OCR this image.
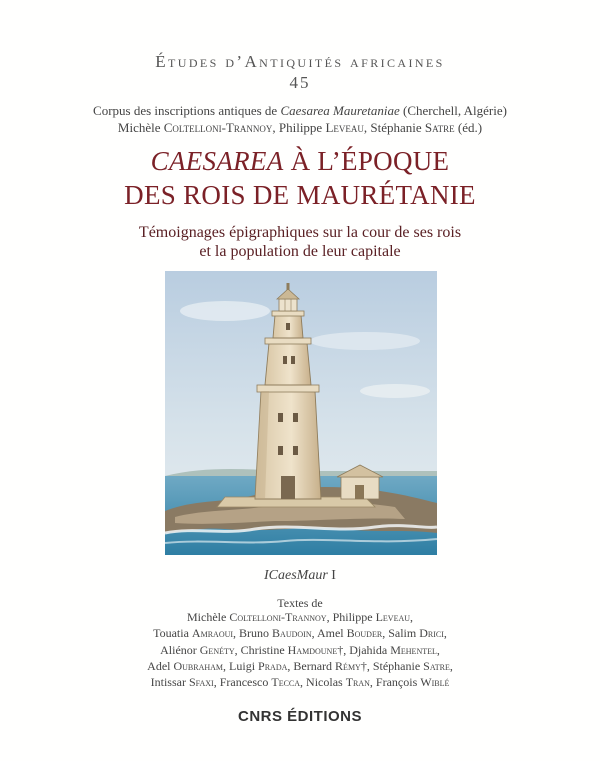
Études d’Antiquités africaines
45
Corpus des inscriptions antiques de Caesarea Mauretaniae (Cherchell, Algérie)
Michèle Coltelloni-Trannoy, Philippe Leveau, Stéphanie Satre (éd.)
CAESAREA À L’ÉPOQUE
DES ROIS DE MAURÉTANIE
Témoignages épigraphiques sur la cour de ses rois
et la population de leur capitale
ICaesMaur I
Textes de
Michèle Coltelloni-Trannoy, Philippe Leveau,
Touatia Amraoui, Bruno Baudoin, Amel Bouder, Salim Drici,
Aliénor Genéty, Christine Hamdoune†, Djahida Mehentel,
Adel Oubraham, Luigi Prada, Bernard Rémy†, Stéphanie Satre,
Intissar Sfaxi, Francesco Tecca, Nicolas Tran, François Wiblé
CNRS ÉDITIONS
